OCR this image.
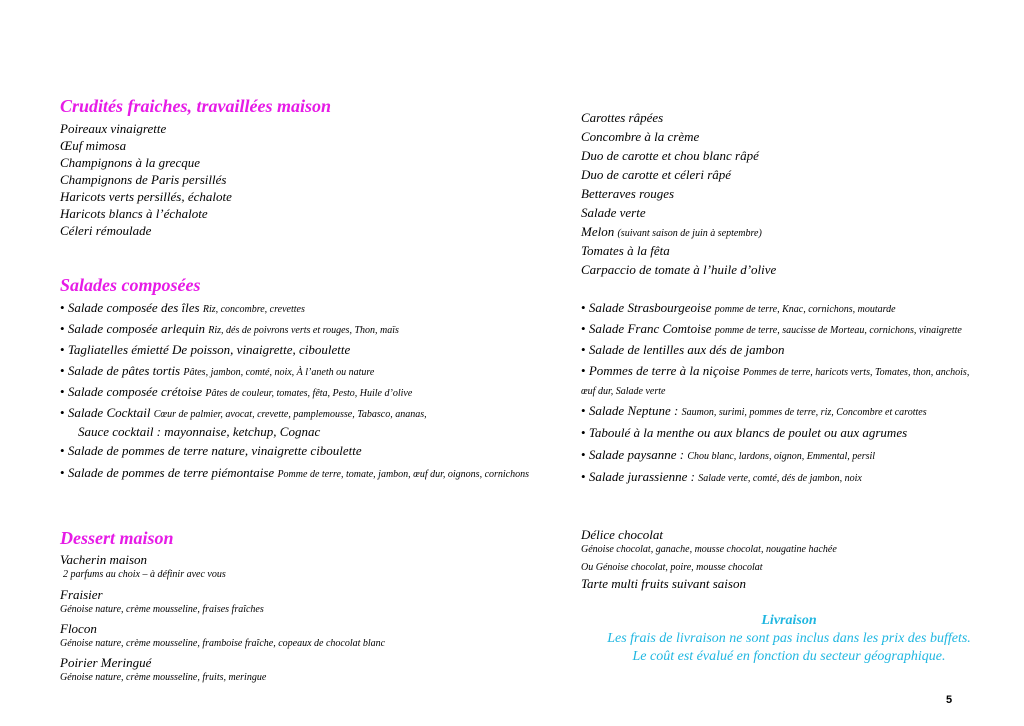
Crudités fraiches, travaillées maison
Poireaux vinaigrette
Œuf mimosa
Champignons à la grecque
Champignons de Paris persillés
Haricots verts persillés, échalote
Haricots blancs à l’échalote
Céleri rémoulade
Carottes râpées
Concombre à la crème
Duo de carotte et chou blanc râpé
Duo de carotte et céleri râpé
Betteraves rouges
Salade verte
Melon (suivant saison de juin à septembre)
Tomates à la fêta
Carpaccio de tomate à l’huile d’olive
Salades composées
• Salade composée des îles Riz, concombre, crevettes
• Salade composée arlequin Riz, dés de poivrons verts et rouges, Thon, maïs
• Tagliatelles émietté De poisson, vinaigrette, ciboulette
• Salade de pâtes tortis Pâtes, jambon, comté, noix, À l’aneth ou nature
• Salade composée crétoise Pâtes de couleur, tomates, fêta, Pesto, Huile d’olive
• Salade Cocktail Cœur de palmier, avocat, crevette, pamplemousse, Tabasco, ananas,
Sauce cocktail : mayonnaise, ketchup, Cognac
• Salade de pommes de terre nature, vinaigrette ciboulette
• Salade de pommes de terre piémontaise Pomme de terre, tomate, jambon, œuf dur, oignons, cornichons
• Salade Strasbourgeoise pomme de terre, Knac, cornichons, moutarde
• Salade Franc Comtoise pomme de terre, saucisse de Morteau, cornichons, vinaigrette
• Salade de lentilles aux dés de jambon
• Pommes de terre à la niçoise Pommes de terre, haricots verts, Tomates, thon, anchois, œuf dur, Salade verte
• Salade Neptune : Saumon, surimi, pommes de terre, riz, Concombre et carottes
• Taboulé à la menthe ou aux blancs de poulet ou aux agrumes
• Salade paysanne : Chou blanc, lardons, oignon, Emmental, persil
• Salade jurassienne : Salade verte, comté, dés de jambon, noix
Dessert maison
Vacherin maison
2 parfums au choix – à définir avec vous
Fraisier
Génoise nature, crème mousseline, fraises fraîches
Flocon
Génoise nature, crème mousseline, framboise fraîche, copeaux de chocolat blanc
Poirier Meringué
Génoise nature, crème mousseline, fruits, meringue
Délice chocolat
Génoise chocolat, ganache, mousse chocolat, nougatine hachée
Ou Génoise chocolat, poire, mousse chocolat
Tarte multi fruits suivant saison
Livraison
Les frais de livraison ne sont pas inclus dans les prix des buffets.
Le coût est évalué en fonction du secteur géographique.
5
